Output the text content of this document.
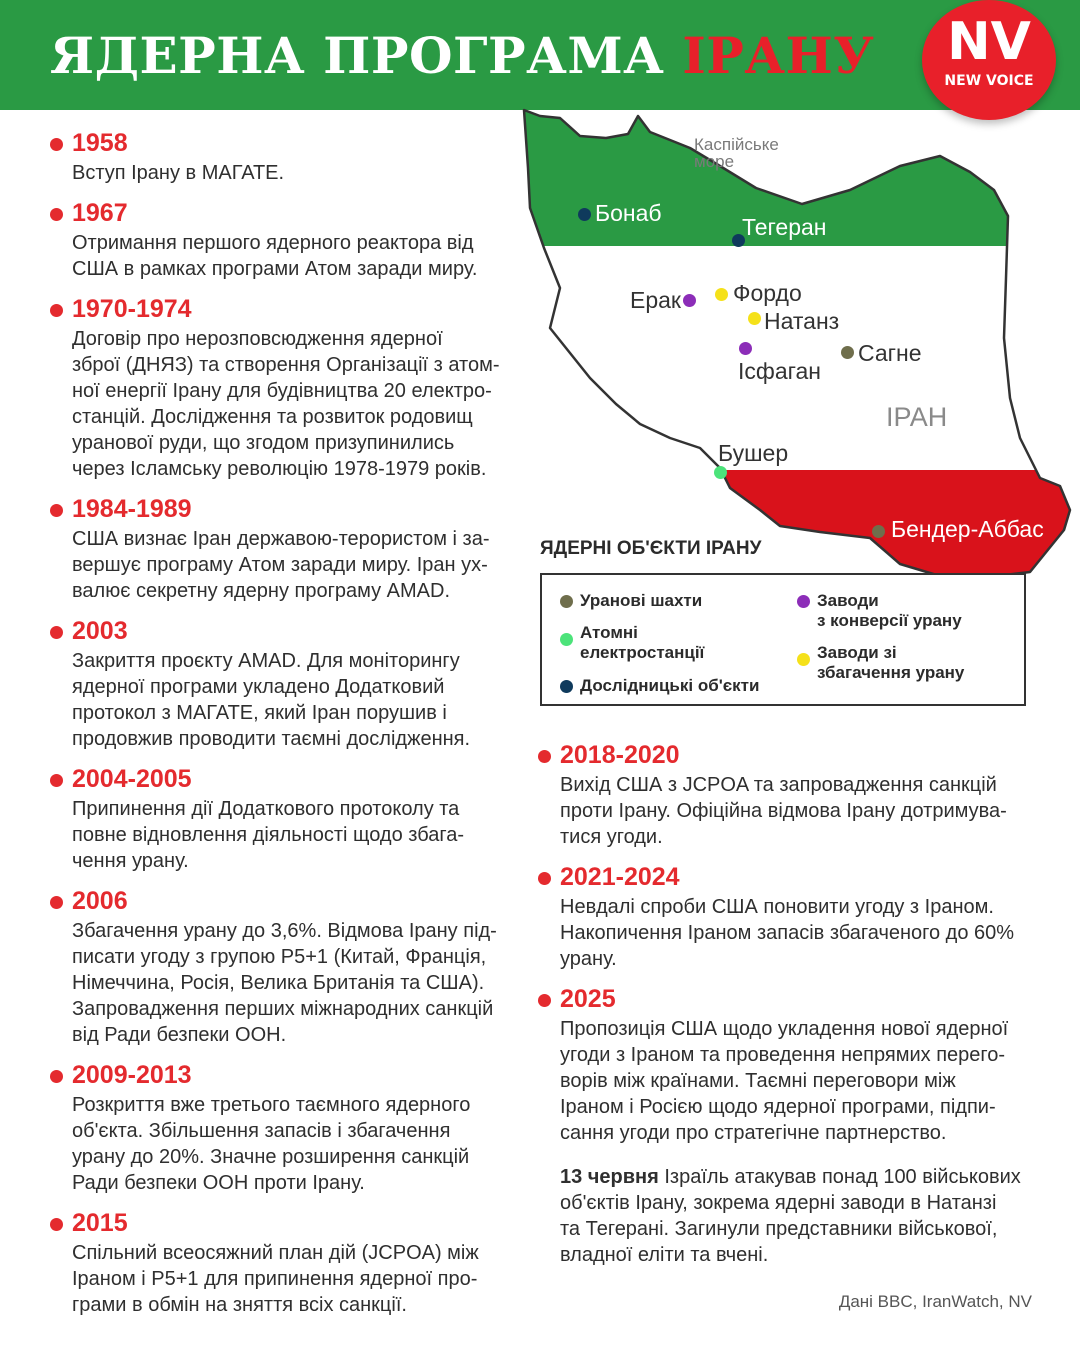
ЯДЕРНА ПРОГРАМА ІРАНУ	NV
NEW VOICE
1958
Вступ Ірану в МАГАТЕ.
1967
Отримання першого ядерного реактора від
США в рамках програми Атом заради миру.
1970-1974
Договір про нерозповсюдження ядерної
зброї (ДНЯЗ) та створення Організації з атом-
ної енергії Ірану для будівництва 20 електро-
станцій. Дослідження та розвиток родовищ
уранової руди, що згодом призупинились
через Ісламську революцію 1978-1979 років.
1984-1989
США визнає Іран державою-терористом і за-
вершує програму Атом заради миру. Іран ух-
валює секретну ядерну програму AMAD.
2003
Закриття проєкту AMAD. Для моніторингу
ядерної програми укладено Додатковий
протокол з МАГАТЕ, який Іран порушив і
продовжив проводити таємні дослідження.
2004-2005
Припинення дії Додаткового протоколу та
повне відновлення діяльності щодо збага-
чення урану.
2006
Збагачення урану до 3,6%. Відмова Ірану під-
писати угоду з групою P5+1 (Китай, Франція,
Німеччина, Росія, Велика Британія та США).
Запровадження перших міжнародних санкцій
від Ради безпеки ООН.
2009-2013
Розкриття вже третього таємного ядерного
об'єкта. Збільшення запасів і збагачення
урану до 20%. Значне розширення санкцій
Ради безпеки ООН проти Ірану.
2015
Спільний всеосяжний план дій (JCPOA) між
Іраном і P5+1 для припинення ядерної про-
грами в обмін на зняття всіх санкції.
Каспійське
море
Бонаб
Тегеран
Ерак Фордо
Натанз
Ісфаган
Сагне
ІРАН
Бушер
Бендер-Аббас
ЯДЕРНІ ОБ'ЄКТИ ІРАНУ
Уранові шахти
Атомні
електростанції
Дослідницькі об'єкти
Заводи
з конверсії урану
Заводи зі
збагачення урану
2018-2020
Вихід США з JCPOA та запровадження санкцій
проти Ірану. Офіційна відмова Ірану дотримува-
тися угоди.
2021-2024
Невдалі спроби США поновити угоду з Іраном.
Накопичення Іраном запасів збагаченого до 60%
урану.
2025
Пропозиція США щодо укладення нової ядерної
угоди з Іраном та проведення непрямих перего-
ворів між країнами. Таємні переговори між
Іраном і Росією щодо ядерної програми, підпи-
сання угоди про стратегічне партнерство.
13 червня Ізраїль атакував понад 100 військових
об'єктів Ірану, зокрема ядерні заводи в Натанзі
та Тегерані. Загинули представники військової,
владної еліти та вчені.
Дані BBC, IranWatch, NV
